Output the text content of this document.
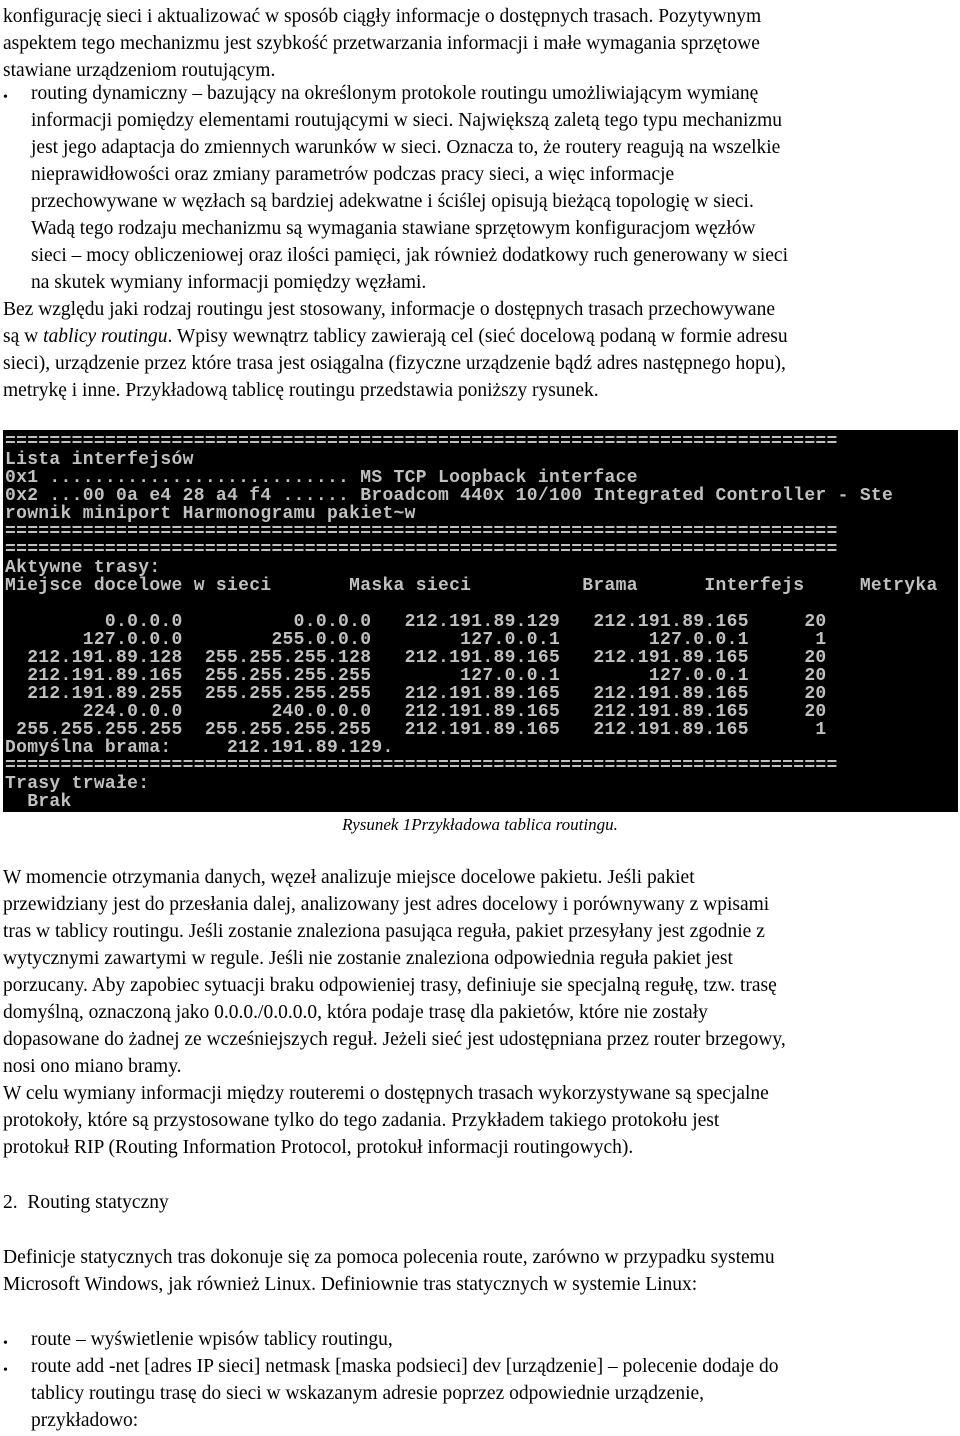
konfigurację sieci i aktualizować w sposób ciągły informacje o dostępnych trasach. Pozytywnym

aspektem tego mechanizmu jest szybkość przetwarzania informacji i małe wymagania sprzętowe

stawiane urządzeniom routującym.

• routing dynamiczny – bazujący na określonym protokole routingu umożliwiającym wymianę

informacji pomiędzy elementami routującymi w sieci. Największą zaletą tego typu mechanizmu

jest jego adaptacja do zmiennych warunków w sieci. Oznacza to, że routery reagują na wszelkie

nieprawidłowości oraz zmiany parametrów podczas pracy sieci, a więc informacje

przechowywane w węzłach są bardziej adekwatne i ściślej opisują bieżącą topologię w sieci.

Wadą tego rodzaju mechanizmu są wymagania stawiane sprzętowym konfiguracjom węzłów

sieci – mocy obliczeniowej oraz ilości pamięci, jak również dodatkowy ruch generowany w sieci

na skutek wymiany informacji pomiędzy węzłami.

Bez względu jaki rodzaj routingu jest stosowany, informacje o dostępnych trasach przechowywane

są w tablicy routingu. Wpisy wewnątrz tablicy zawierają cel (sieć docelową podaną w formie adresu

sieci), urządzenie przez które trasa jest osiągalna (fizyczne urządzenie bądź adres następnego hopu),

metrykę i inne. Przykładową tablicę routingu przedstawia poniższy rysunek.

===========================================================================
Lista interfejsów
0x1 ........................... MS TCP Loopback interface
0x2 ...00 0a e4 28 a4 f4 ...... Broadcom 440x 10/100 Integrated Controller - Ste
rownik miniport Harmonogramu pakiet~w
===========================================================================
===========================================================================
Aktywne trasy:
Miejsce docelowe w sieci       Maska sieci          Brama      Interfejs     Metryka
0.0.0.0          0.0.0.0   212.191.89.129   212.191.89.165     20
127.0.0.0        255.0.0.0        127.0.0.1        127.0.0.1      1
212.191.89.128  255.255.255.128   212.191.89.165   212.191.89.165     20
212.191.89.165  255.255.255.255        127.0.0.1        127.0.0.1     20
212.191.89.255  255.255.255.255   212.191.89.165   212.191.89.165     20
224.0.0.0        240.0.0.0   212.191.89.165   212.191.89.165     20
255.255.255.255  255.255.255.255   212.191.89.165   212.191.89.165      1
Domyślna brama:     212.191.89.129.
===========================================================================
Trasy trwałe:
Brak
Rysunek 1Przykładowa tablica routingu.

W momencie otrzymania danych, węzeł analizuje miejsce docelowe pakietu. Jeśli pakiet

przewidziany jest do przesłania dalej, analizowany jest adres docelowy i porównywany z wpisami

tras w tablicy routingu. Jeśli zostanie znaleziona pasująca reguła, pakiet przesyłany jest zgodnie z

wytycznymi zawartymi w regule. Jeśli nie zostanie znaleziona odpowiednia reguła pakiet jest

porzucany. Aby zapobiec sytuacji braku odpowieniej trasy, definiuje sie specjalną regułę, tzw. trasę

domyślną, oznaczoną jako 0.0.0./0.0.0.0, która podaje trasę dla pakietów, które nie zostały

dopasowane do żadnej ze wcześniejszych reguł. Jeżeli sieć jest udostępniana przez router brzegowy,

nosi ono miano bramy.

W celu wymiany informacji między routeremi o dostępnych trasach wykorzystywane są specjalne

protokoły, które są przystosowane tylko do tego zadania. Przykładem takiego protokołu jest

protokuł RIP (Routing Information Protocol, protokuł informacji routingowych).

2.  Routing statyczny

Definicje statycznych tras dokonuje się za pomoca polecenia route, zarówno w przypadku systemu

Microsoft Windows, jak również Linux. Definiownie tras statycznych w systemie Linux:

• route – wyświetlenie wpisów tablicy routingu,

• route add -net [adres IP sieci] netmask [maska podsieci] dev [urządzenie] – polecenie dodaje do

tablicy routingu trasę do sieci w wskazanym adresie poprzez odpowiednie urządzenie,

przykładowo:
